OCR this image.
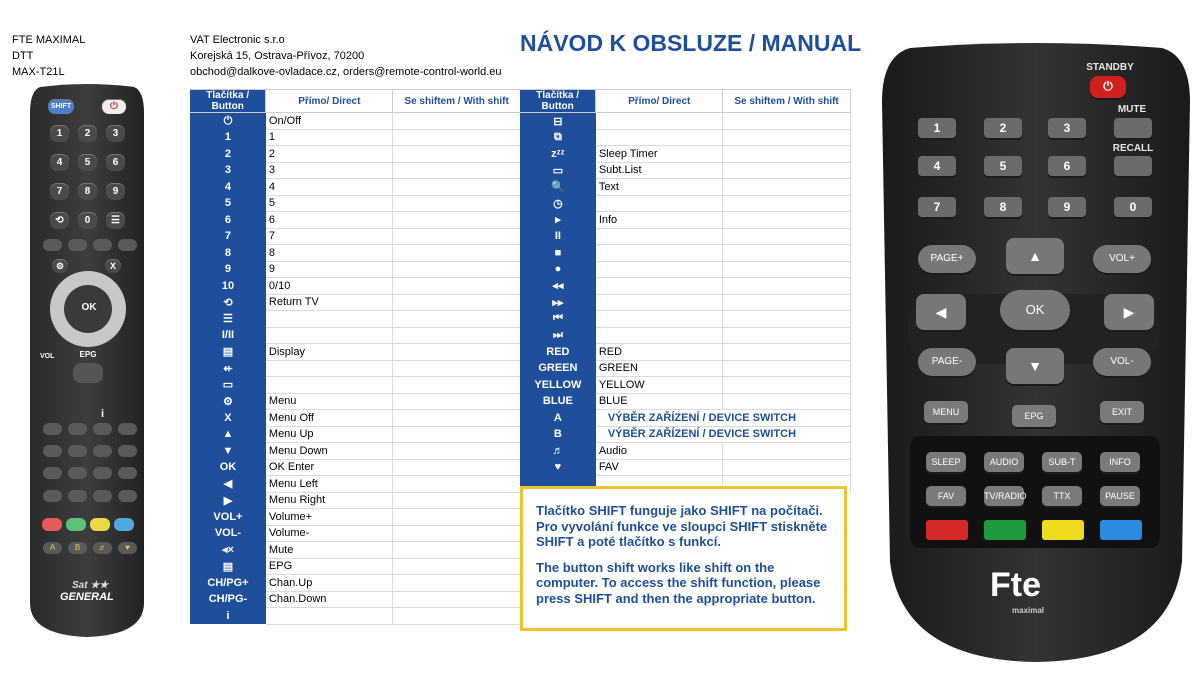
FTE MAXIMAL
DTT
MAX-T21L
VAT Electronic s.r.o
Korejská 15, Ostrava-Přívoz, 70200
obchod@dalkove-ovladace.cz, orders@remote-control-world.eu
NÁVOD K OBSLUZE / MANUAL
SHIFT	⏻
1	2	3
4	5	6
7	8	9
⟲	0	☰
OK
X
⚙
EPG
VOL
i
A	B	♬	♥
Sat ★★
GENERAL
⏻
STANDBY
MUTE
RECALL
1	2	3
4	5	6
7	8	9	0
PAGE+	VOL+
PAGE-	VOL-
▲
▼
◀	▶
OK
MENU	EPG	EXIT
SLEEP	AUDIO	SUB-T	INFO
FAV	TV/RADIO	TTX	PAUSE
Fte
maximal
Tlačítka / Button	Přímo/ Direct	Se shiftem / With shift
⏻	On/Off	
1	1	
2	2	
3	3	
4	4	
5	5	
6	6	
7	7	
8	8	
9	9	
10	0/10	
⟲	Return TV	
☰		
I/II		
▤	Display	
⇷		
▭		
⚙	Menu	
X	Menu Off	
▲	Menu Up	
▼	Menu Down	
OK	OK Enter	
◀	Menu Left	
▶	Menu Right	
VOL+	Volume+	
VOL-	Volume-	
◂×	Mute	
▤	EPG	
CH/PG+	Chan.Up	
CH/PG-	Chan.Down	
i		
Tlačítka / Button	Přímo/ Direct	Se shiftem / With shift
⊟		
⧉		
zᶻᶻ	Sleep Timer	
▭	Subt.List	
🔍	Text	
◷		
▸	Info	
II		
■		
●		
◂◂		
▸▸		
⏮		
⏭		
RED	RED	
GREEN	GREEN	
YELLOW	YELLOW	
BLUE	BLUE	
A	VÝBĚR ZAŘÍZENÍ / DEVICE SWITCH	
B	VÝBĚR ZAŘÍZENÍ / DEVICE SWITCH	
♬	Audio	
♥	FAV	

Tlačítko SHIFT funguje jako SHIFT na počítači. Pro vyvolání funkce ve sloupci SHIFT stiskněte SHIFT a poté tlačítko s funkcí.

The button shift works like shift on the computer. To access the shift function, please press SHIFT and then the appropriate button.
